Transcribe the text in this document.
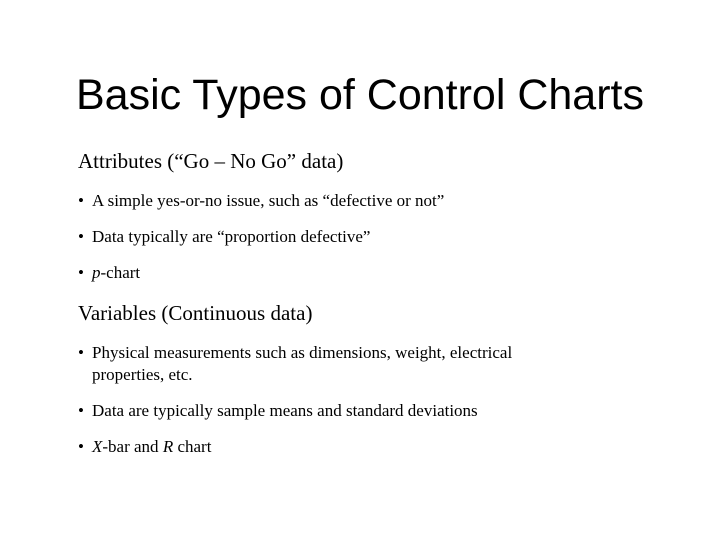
Basic Types of Control Charts
Attributes (“Go – No Go” data)
• A simple yes-or-no issue, such as “defective or not”
• Data typically are “proportion defective”
• p-chart
Variables (Continuous data)
• Physical measurements such as dimensions, weight, electrical
properties, etc.
• Data are typically sample means and standard deviations
• X-bar and R chart
